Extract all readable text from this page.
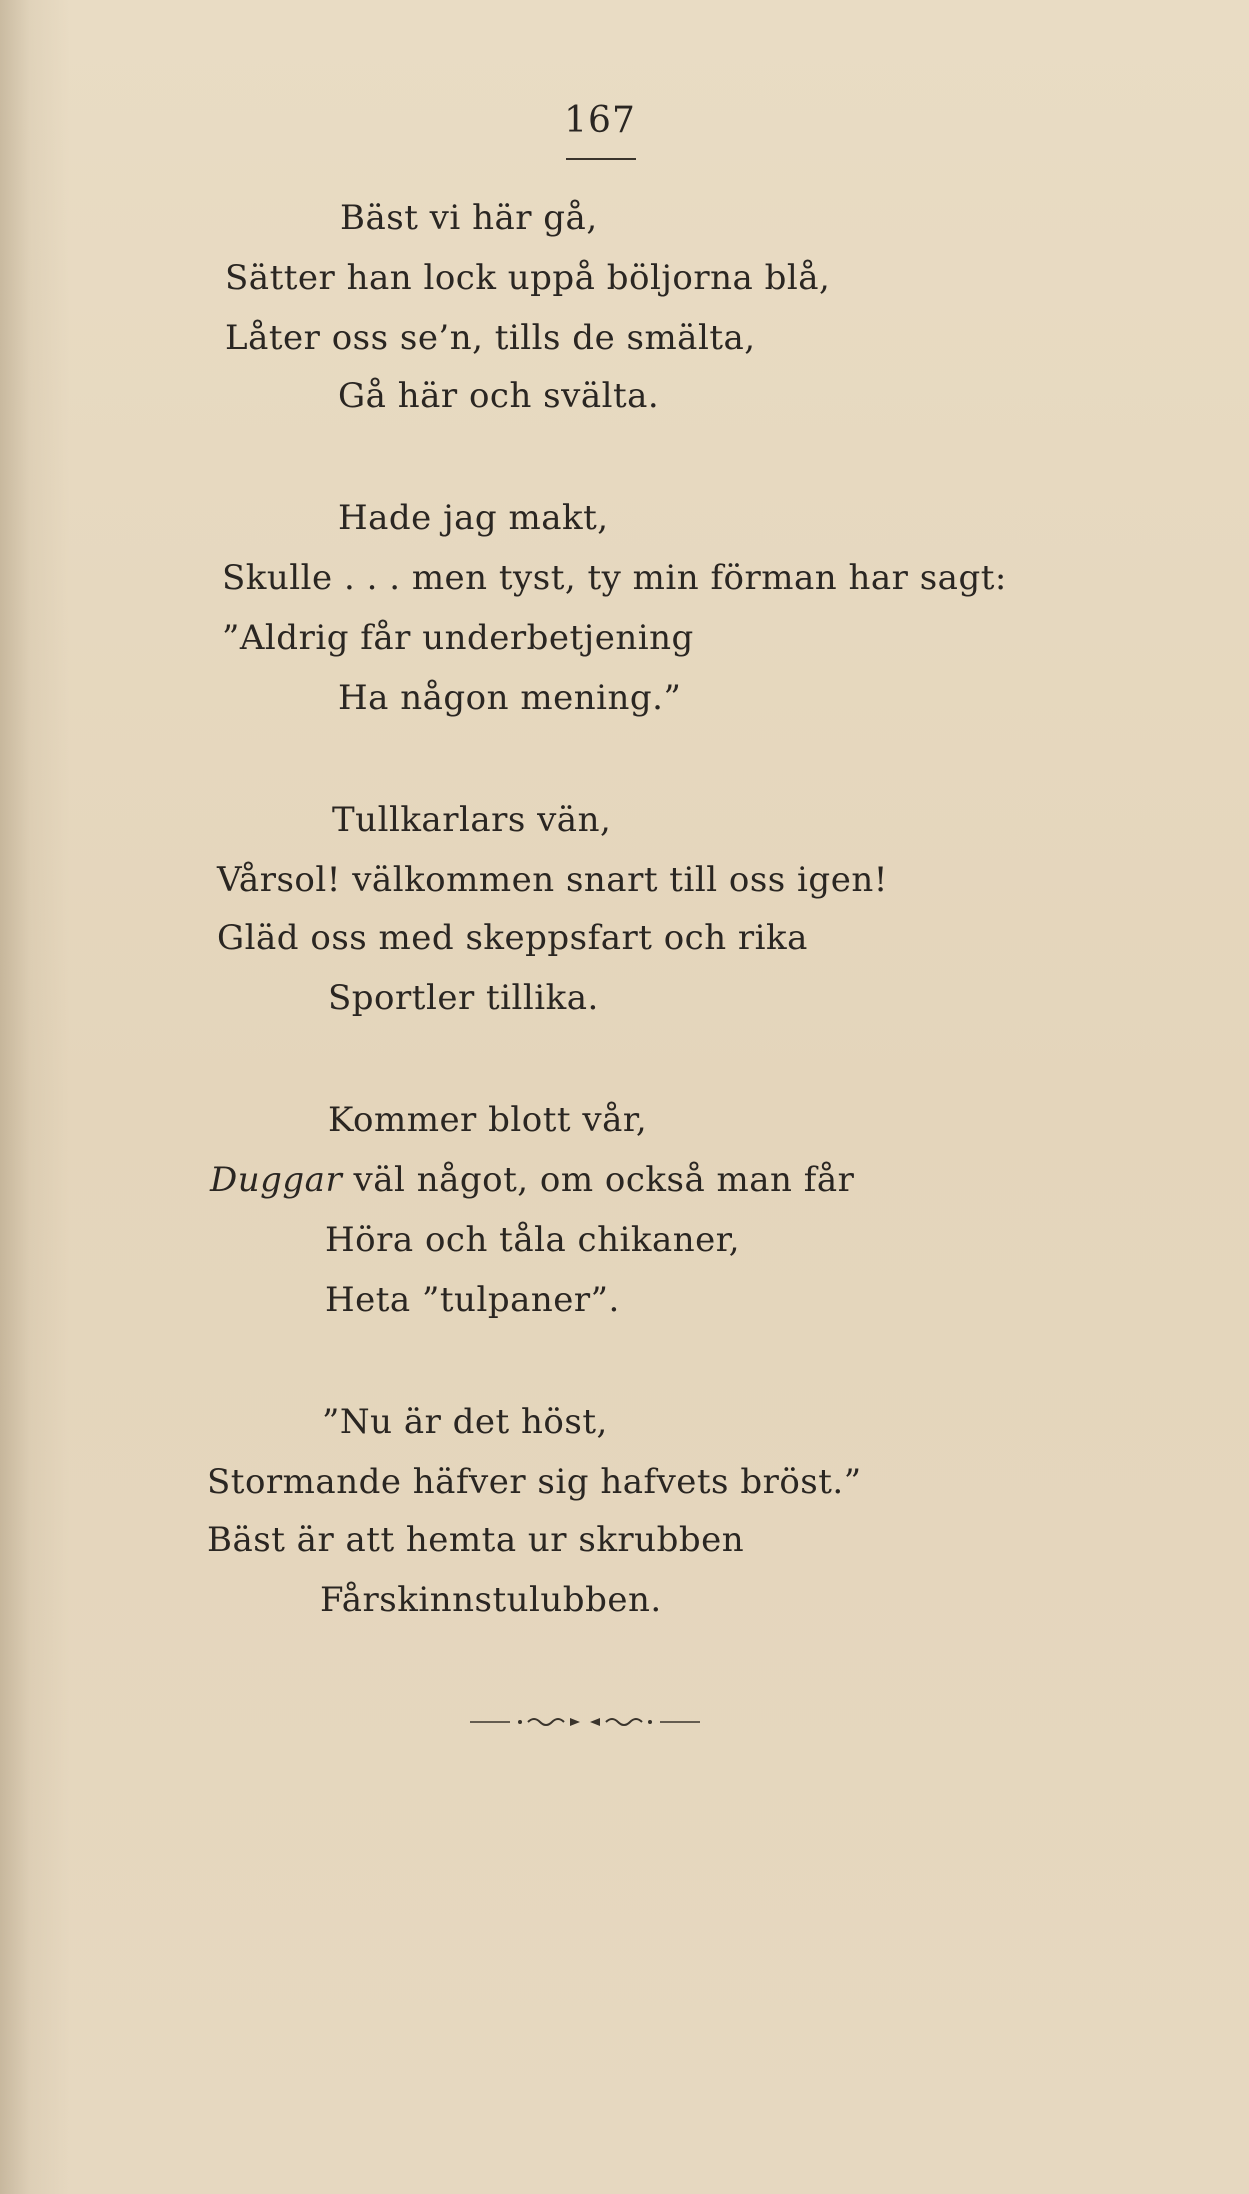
167
Bäst vi här gå,
Sätter han lock uppå böljorna blå,
Låter oss se’n, tills de smälta,
Gå här och svälta.
Hade jag makt,
Skulle . . . men tyst, ty min förman har sagt:
”Aldrig får underbetjening
Ha någon mening.”
Tullkarlars vän,
Vårsol! välkommen snart till oss igen!
Gläd oss med skeppsfart och rika
Sportler tillika.
Kommer blott vår,
Duggar väl något, om också man får
Höra och tåla chikaner,
Heta ”tulpaner”.
”Nu är det höst,
Stormande häfver sig hafvets bröst.”
Bäst är att hemta ur skrubben
Fårskinnstulubben.
